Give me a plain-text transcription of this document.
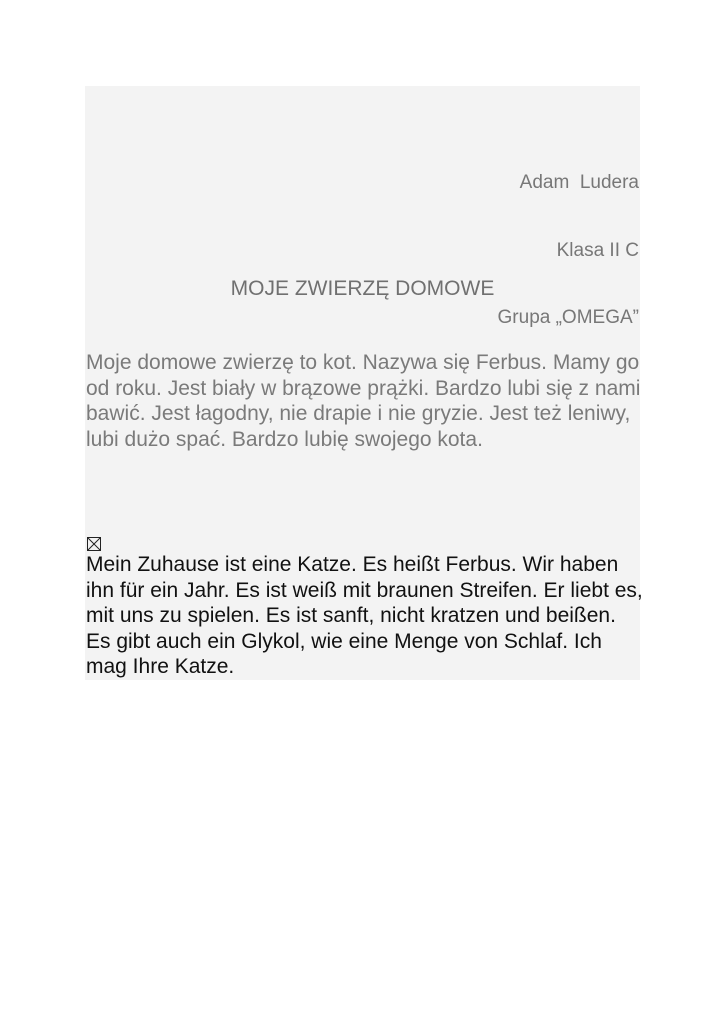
Adam  Ludera

Klasa II C

Grupa „OMEGA”

MOJE ZWIERZĘ DOMOWE

Moje domowe zwierzę to kot. Nazywa się Ferbus. Mamy go od roku. Jest biały w brązowe prążki. Bardzo lubi się z nami bawić. Jest łagodny, nie drapie i nie gryzie. Jest też leniwy, lubi dużo spać. Bardzo lubię swojego kota.

Mein Zuhause ist eine Katze. Es heißt Ferbus. Wir haben ihn für ein Jahr. Es ist weiß mit braunen Streifen. Er liebt es, mit uns zu spielen. Es ist sanft, nicht kratzen und beißen. Es gibt auch ein Glykol, wie eine Menge von Schlaf. Ich mag Ihre Katze.
